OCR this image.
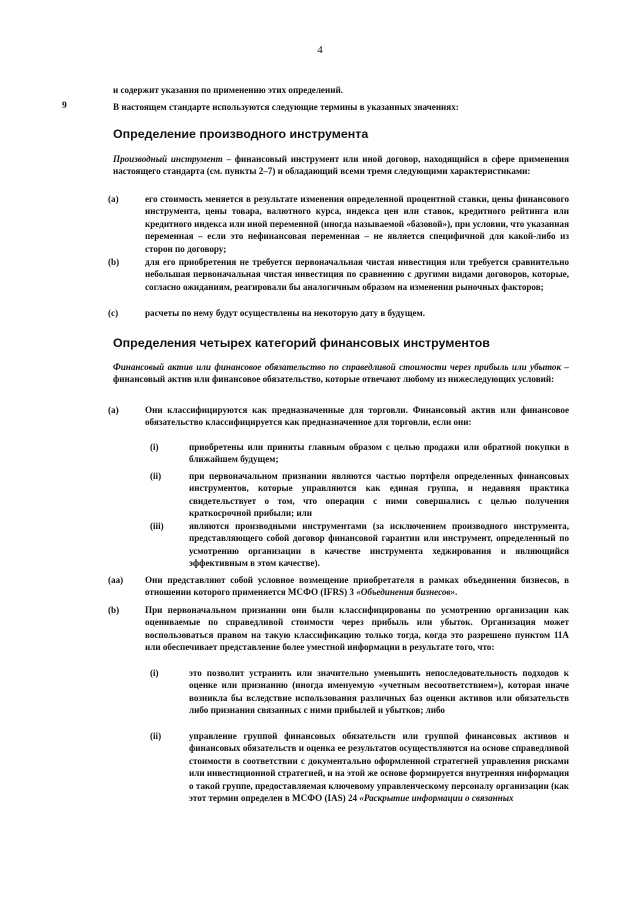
4
и содержит указания по применению этих определений.
9	В настоящем стандарте используются следующие термины в указанных значениях:
Определение производного инструмента
Производный инструмент – финансовый инструмент или иной договор, находящийся в сфере применения настоящего стандарта (см. пункты 2–7) и обладающий всеми тремя следующими характеристиками:
(a)	его стоимость меняется в результате изменения определенной процентной ставки, цены финансового инструмента, цены товара, валютного курса, индекса цен или ставок, кредитного рейтинга или кредитного индекса или иной переменной (иногда называемой «базовой»), при условии, что указанная переменная – если это нефинансовая переменная – не является специфичной для какой-либо из сторон по договору;
(b)	для его приобретения не требуется первоначальная чистая инвестиция или требуется сравнительно небольшая первоначальная чистая инвестиция по сравнению с другими видами договоров, которые, согласно ожиданиям, реагировали бы аналогичным образом на изменения рыночных факторов;
(c)	расчеты по нему будут осуществлены на некоторую дату в будущем.
Определения четырех категорий финансовых инструментов
Финансовый актив или финансовое обязательство по справедливой стоимости через прибыль или убыток – финансовый актив или финансовое обязательство, которые отвечают любому из нижеследующих условий:
(a)	Они классифицируются как предназначенные для торговли. Финансовый актив или финансовое обязательство классифицируется как предназначенное для торговли, если они:
(i)	приобретены или приняты главным образом с целью продажи или обратной покупки в ближайшем будущем;
(ii)	при первоначальном признании являются частью портфеля определенных финансовых инструментов, которые управляются как единая группа, и недавняя практика свидетельствует о том, что операции с ними совершались с целью получения краткосрочной прибыли; или
(iii)	являются производными инструментами (за исключением производного инструмента, представляющего собой договор финансовой гарантии или инструмент, определенный по усмотрению организации в качестве инструмента хеджирования и являющийся эффективным в этом качестве).
(aa) Они представляют собой условное возмещение приобретателя в рамках объединения бизнесов, в отношении которого применяется МСФО (IFRS) 3 «Объединения бизнесов».
(b)	При первоначальном признании они были классифицированы по усмотрению организации как оцениваемые по справедливой стоимости через прибыль или убыток. Организация может воспользоваться правом на такую классификацию только тогда, когда это разрешено пунктом 11А или обеспечивает представление более уместной информации в результате того, что:
(i)	это позволит устранить или значительно уменьшить непоследовательность подходов к оценке или признанию (иногда именуемую «учетным несоответствием»), которая иначе возникла бы вследствие использования различных баз оценки активов или обязательств либо признания связанных с ними прибылей и убытков; либо
(ii)	управление группой финансовых обязательств или группой финансовых активов и финансовых обязательств и оценка ее результатов осуществляются на основе справедливой стоимости в соответствии с документально оформленной стратегией управления рисками или инвестиционной стратегией, и на этой же основе формируется внутренняя информация о такой группе, предоставляемая ключевому управленческому персоналу организации (как этот термин определен в МСФО (IAS) 24 «Раскрытие информации о связанных
